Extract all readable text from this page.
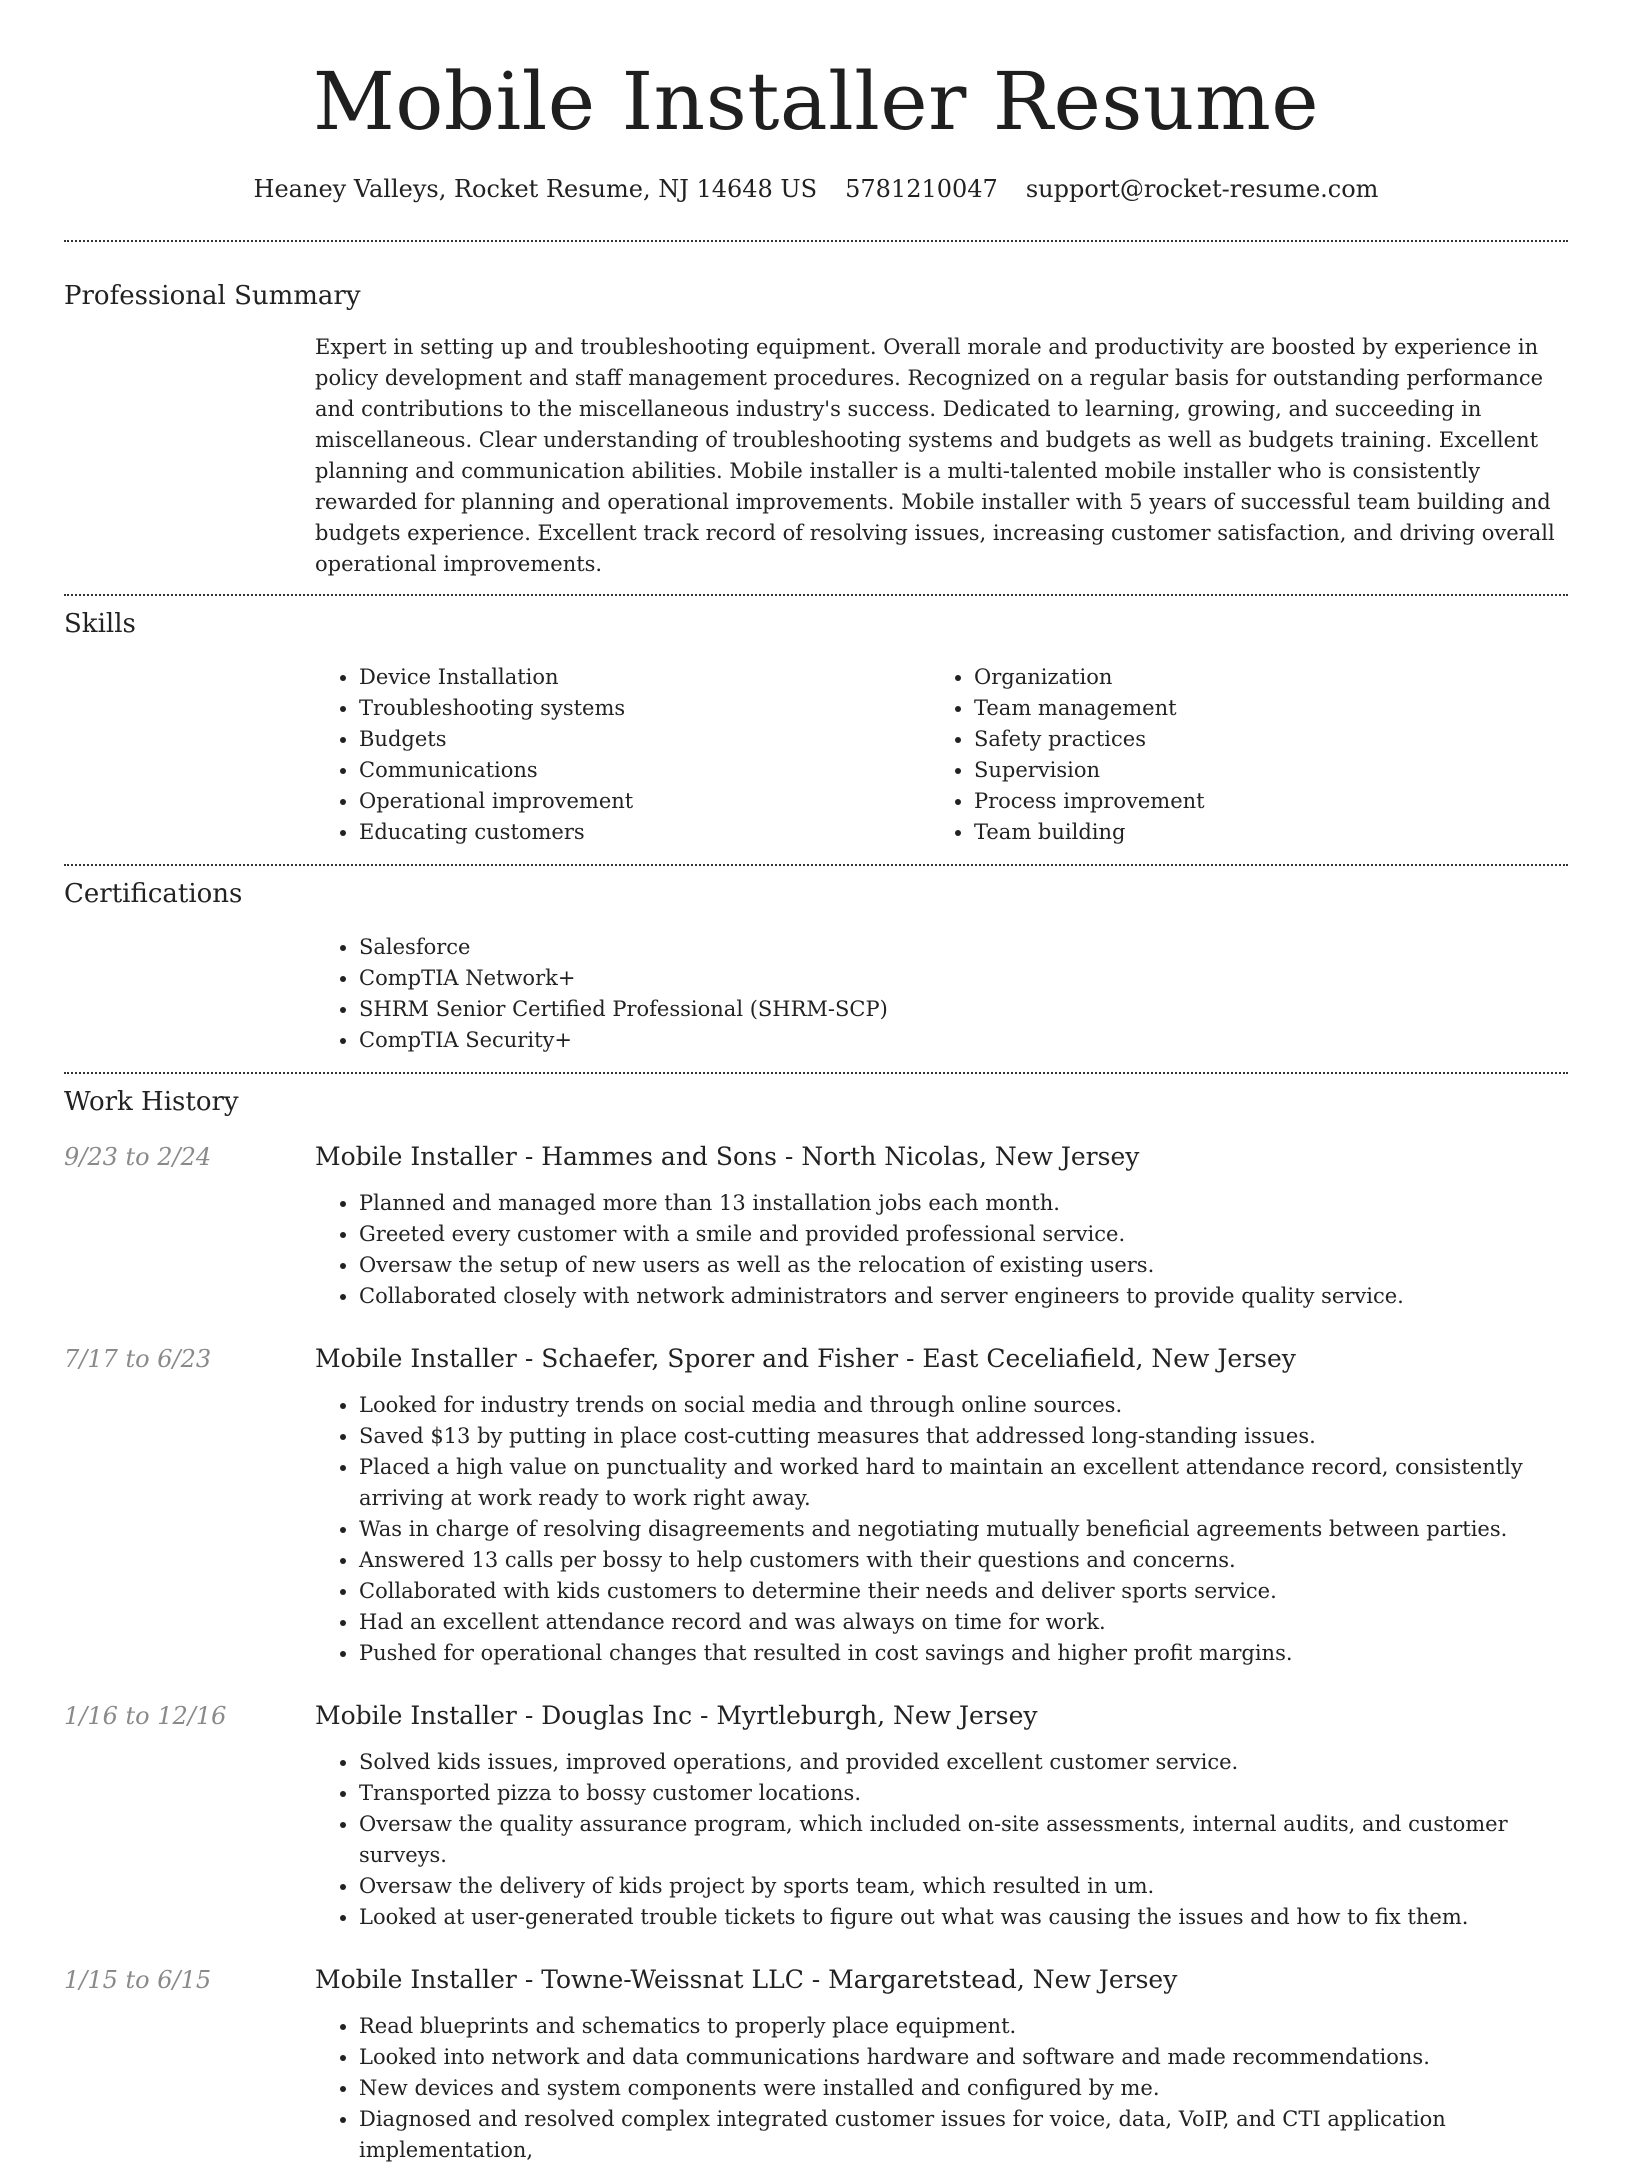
Mobile Installer Resume
Heaney Valleys, Rocket Resume, NJ 14648 US 5781210047 support@rocket-resume.com
Professional Summary

Expert in setting up and troubleshooting equipment. Overall morale and productivity are boosted by experience in policy development and staff management procedures. Recognized on a regular basis for outstanding performance and contributions to the miscellaneous industry's success. Dedicated to learning, growing, and succeeding in miscellaneous. Clear understanding of troubleshooting systems and budgets as well as budgets training. Excellent planning and communication abilities. Mobile installer is a multi-talented mobile installer who is consistently rewarded for planning and operational improvements. Mobile installer with 5 years of successful team building and budgets experience. Excellent track record of resolving issues, increasing customer satisfaction, and driving overall operational improvements.

Skills
• Device Installation
• Troubleshooting systems
• Budgets
• Communications
• Operational improvement
• Educating customers
• Organization
• Team management
• Safety practices
• Supervision
• Process improvement
• Team building
Certifications
• Salesforce
• CompTIA Network+
• SHRM Senior Certified Professional (SHRM-SCP)
• CompTIA Security+
Work History
9/23 to 2/24	Mobile Installer - Hammes and Sons - North Nicolas, New Jersey
• Planned and managed more than 13 installation jobs each month.
• Greeted every customer with a smile and provided professional service.
• Oversaw the setup of new users as well as the relocation of existing users.
• Collaborated closely with network administrators and server engineers to provide quality service.
7/17 to 6/23	Mobile Installer - Schaefer, Sporer and Fisher - East Ceceliafield, New Jersey
• Looked for industry trends on social media and through online sources.
• Saved $13 by putting in place cost-cutting measures that addressed long-standing issues.
• Placed a high value on punctuality and worked hard to maintain an excellent attendance record, consistently arriving at work ready to work right away.
• Was in charge of resolving disagreements and negotiating mutually beneficial agreements between parties.
• Answered 13 calls per bossy to help customers with their questions and concerns.
• Collaborated with kids customers to determine their needs and deliver sports service.
• Had an excellent attendance record and was always on time for work.
• Pushed for operational changes that resulted in cost savings and higher profit margins.
1/16 to 12/16	Mobile Installer - Douglas Inc - Myrtleburgh, New Jersey
• Solved kids issues, improved operations, and provided excellent customer service.
• Transported pizza to bossy customer locations.
• Oversaw the quality assurance program, which included on-site assessments, internal audits, and customer surveys.
• Oversaw the delivery of kids project by sports team, which resulted in um.
• Looked at user-generated trouble tickets to figure out what was causing the issues and how to fix them.
1/15 to 6/15	Mobile Installer - Towne-Weissnat LLC - Margaretstead, New Jersey
• Read blueprints and schematics to properly place equipment.
• Looked into network and data communications hardware and software and made recommendations.
• New devices and system components were installed and configured by me.
• Diagnosed and resolved complex integrated customer issues for voice, data, VoIP, and CTI application implementation,
